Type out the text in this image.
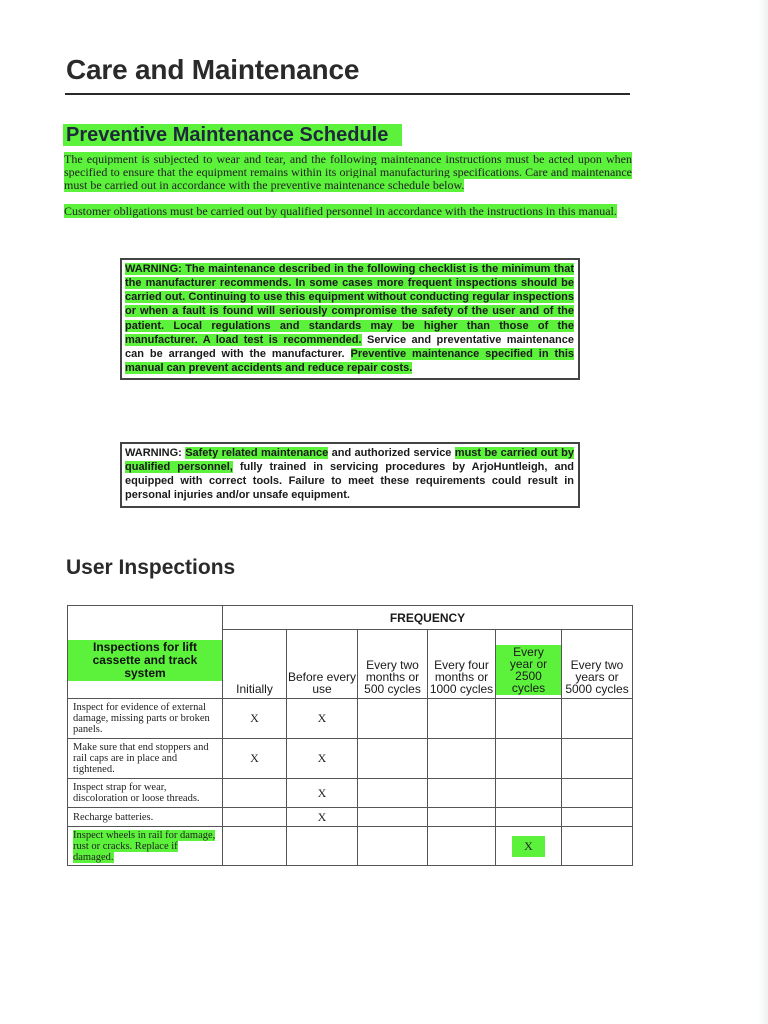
Care and Maintenance
Preventive Maintenance Schedule

The equipment is subjected to wear and tear, and the following maintenance instructions must be acted upon when specified to ensure that the equipment remains within its original manufacturing specifications. Care and maintenance must be carried out in accordance with the preventive maintenance schedule below.

Customer obligations must be carried out by qualified personnel in accordance with the instructions in this manual.

WARNING: The maintenance described in the following checklist is the minimum that the manufacturer recommends. In some cases more frequent inspections should be carried out. Continuing to use this equipment without conducting regular inspections or when a fault is found will seriously compromise the safety of the user and of the patient. Local regulations and standards may be higher than those of the manufacturer. A load test is recommended. Service and preventative maintenance can be arranged with the manufacturer. Preventive maintenance specified in this manual can prevent accidents and reduce repair costs.

WARNING: Safety related maintenance and authorized service must be carried out by qualified personnel, fully trained in servicing procedures by ArjoHuntleigh, and equipped with correct tools. Failure to meet these requirements could result in personal injuries and/or unsafe equipment.

User Inspections
	FREQUENCY					
Inspections for lift cassette and track system	Initially	Before every use	Every two months or 500 cycles	Every four months or 1000 cycles	Every year or 2500 cycles	Every two years or 5000 cycles
Inspect for evidence of external damage, missing parts or broken panels.	X	X				
Make sure that end stoppers and rail caps are in place and tightened.	X	X				
Inspect strap for wear, discoloration or loose threads.		X				
Recharge batteries.		X				
Inspect wheels in rail for damage, rust or cracks. Replace if damaged.					X	
